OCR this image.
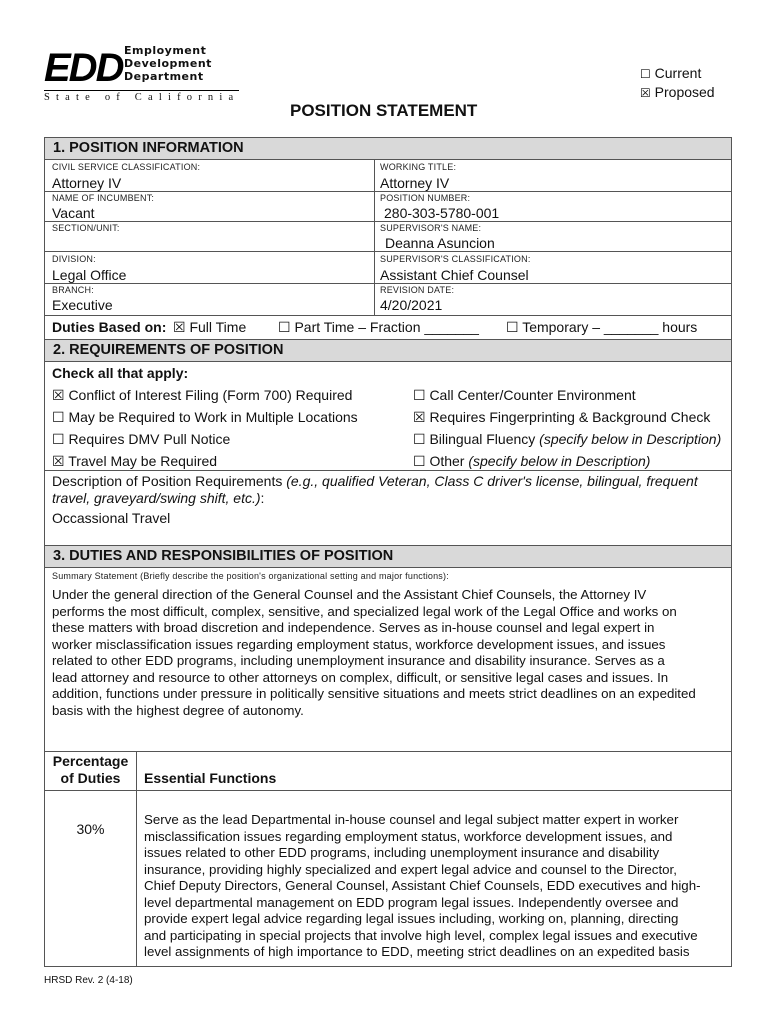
EDD Employment
Development
Department
State of California
☐ Current
☒ Proposed
POSITION STATEMENT
1. POSITION INFORMATION
CIVIL SERVICE CLASSIFICATION:
Attorney IV
WORKING TITLE:
Attorney IV
NAME OF INCUMBENT:
Vacant
POSITION NUMBER:
280-303-5780-001
SECTION/UNIT:	SUPERVISOR'S NAME:
Deanna Asuncion
DIVISION:
Legal Office
SUPERVISOR'S CLASSIFICATION:
Assistant Chief Counsel
BRANCH:
Executive
REVISION DATE:
4/20/2021
Duties Based on: ☒ Full Time ☐ Part Time – Fraction _______ ☐ Temporary – _______ hours
2. REQUIREMENTS OF POSITION
Check all that apply:
☒ Conflict of Interest Filing (Form 700) Required
☐ May be Required to Work in Multiple Locations
☐ Requires DMV Pull Notice
☒ Travel May be Required
☐ Call Center/Counter Environment
☒ Requires Fingerprinting & Background Check
☐ Bilingual Fluency (specify below in Description)
☐ Other (specify below in Description)
Description of Position Requirements (e.g., qualified Veteran, Class C driver's license, bilingual, frequent travel, graveyard/swing shift, etc.):
Occassional Travel
3. DUTIES AND RESPONSIBILITIES OF POSITION
Summary Statement (Briefly describe the position's organizational setting and major functions):
Under the general direction of the General Counsel and the Assistant Chief Counsels, the Attorney IV
performs the most difficult, complex, sensitive, and specialized legal work of the Legal Office and works on
these matters with broad discretion and independence. Serves as in-house counsel and legal expert in
worker misclassification issues regarding employment status, workforce development issues, and issues
related to other EDD programs, including unemployment insurance and disability insurance. Serves as a
lead attorney and resource to other attorneys on complex, difficult, or sensitive legal cases and issues. In
addition, functions under pressure in politically sensitive situations and meets strict deadlines on an expedited
basis with the highest degree of autonomy.
Percentage
of Duties	Essential Functions
30%
Serve as the lead Departmental in-house counsel and legal subject matter expert in worker
misclassification issues regarding employment status, workforce development issues, and
issues related to other EDD programs, including unemployment insurance and disability
insurance, providing highly specialized and expert legal advice and counsel to the Director,
Chief Deputy Directors, General Counsel, Assistant Chief Counsels, EDD executives and high-
level departmental management on EDD program legal issues. Independently oversee and
provide expert legal advice regarding legal issues including, working on, planning, directing
and participating in special projects that involve high level, complex legal issues and executive
level assignments of high importance to EDD, meeting strict deadlines on an expedited basis
HRSD Rev. 2 (4-18)
